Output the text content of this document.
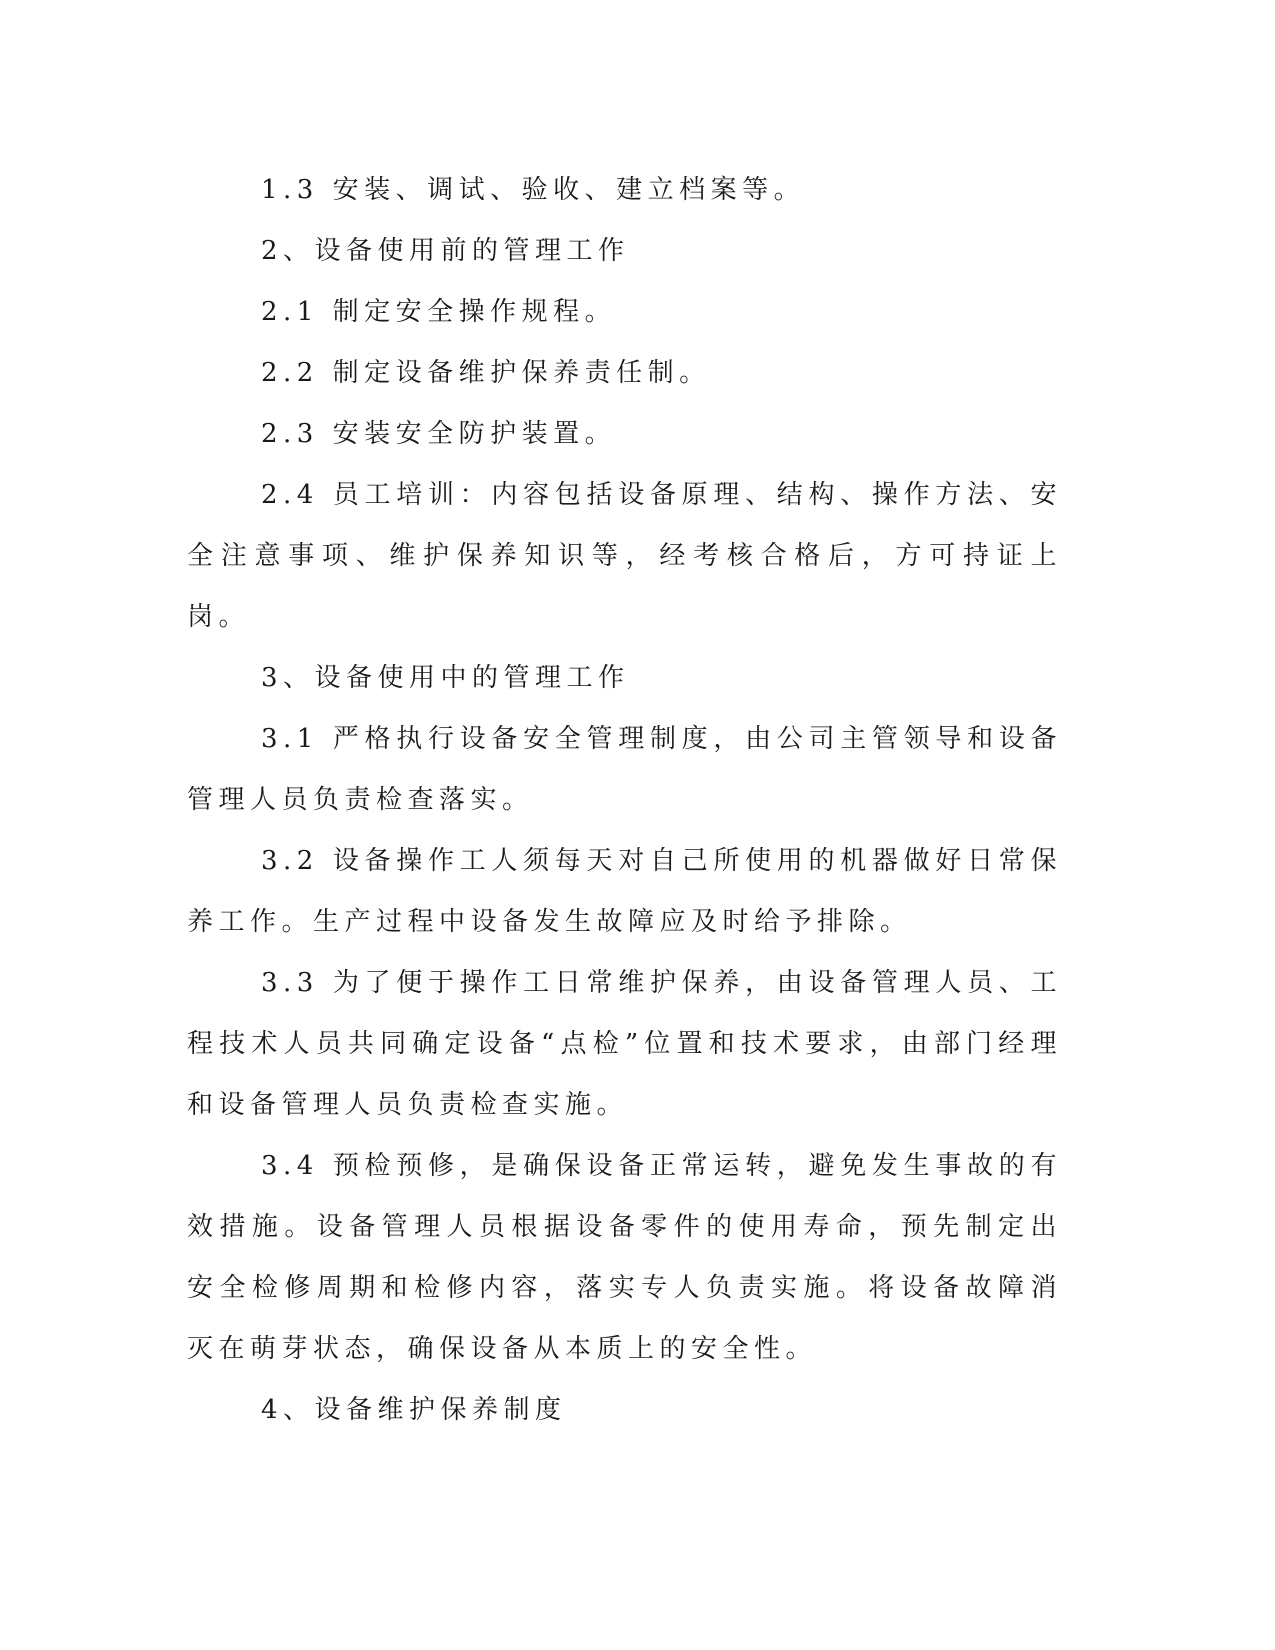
1.3 安装、调试、验收、建立档案等。

2、设备使用前的管理工作

2.1 制定安全操作规程。

2.2 制定设备维护保养责任制。

2.3 安装安全防护装置。

2.4 员工培训：内容包括设备原理、结构、操作方法、安全注意事项、维护保养知识等，经考核合格后，方可持证上岗。

3、设备使用中的管理工作

3.1 严格执行设备安全管理制度，由公司主管领导和设备管理人员负责检查落实。

3.2 设备操作工人须每天对自己所使用的机器做好日常保养工作。生产过程中设备发生故障应及时给予排除。

3.3 为了便于操作工日常维护保养，由设备管理人员、工程技术人员共同确定设备“点检”位置和技术要求，由部门经理和设备管理人员负责检查实施。

3.4 预检预修，是确保设备正常运转，避免发生事故的有效措施。设备管理人员根据设备零件的使用寿命，预先制定出安全检修周期和检修内容，落实专人负责实施。将设备故障消灭在萌芽状态，确保设备从本质上的安全性。

4、设备维护保养制度
